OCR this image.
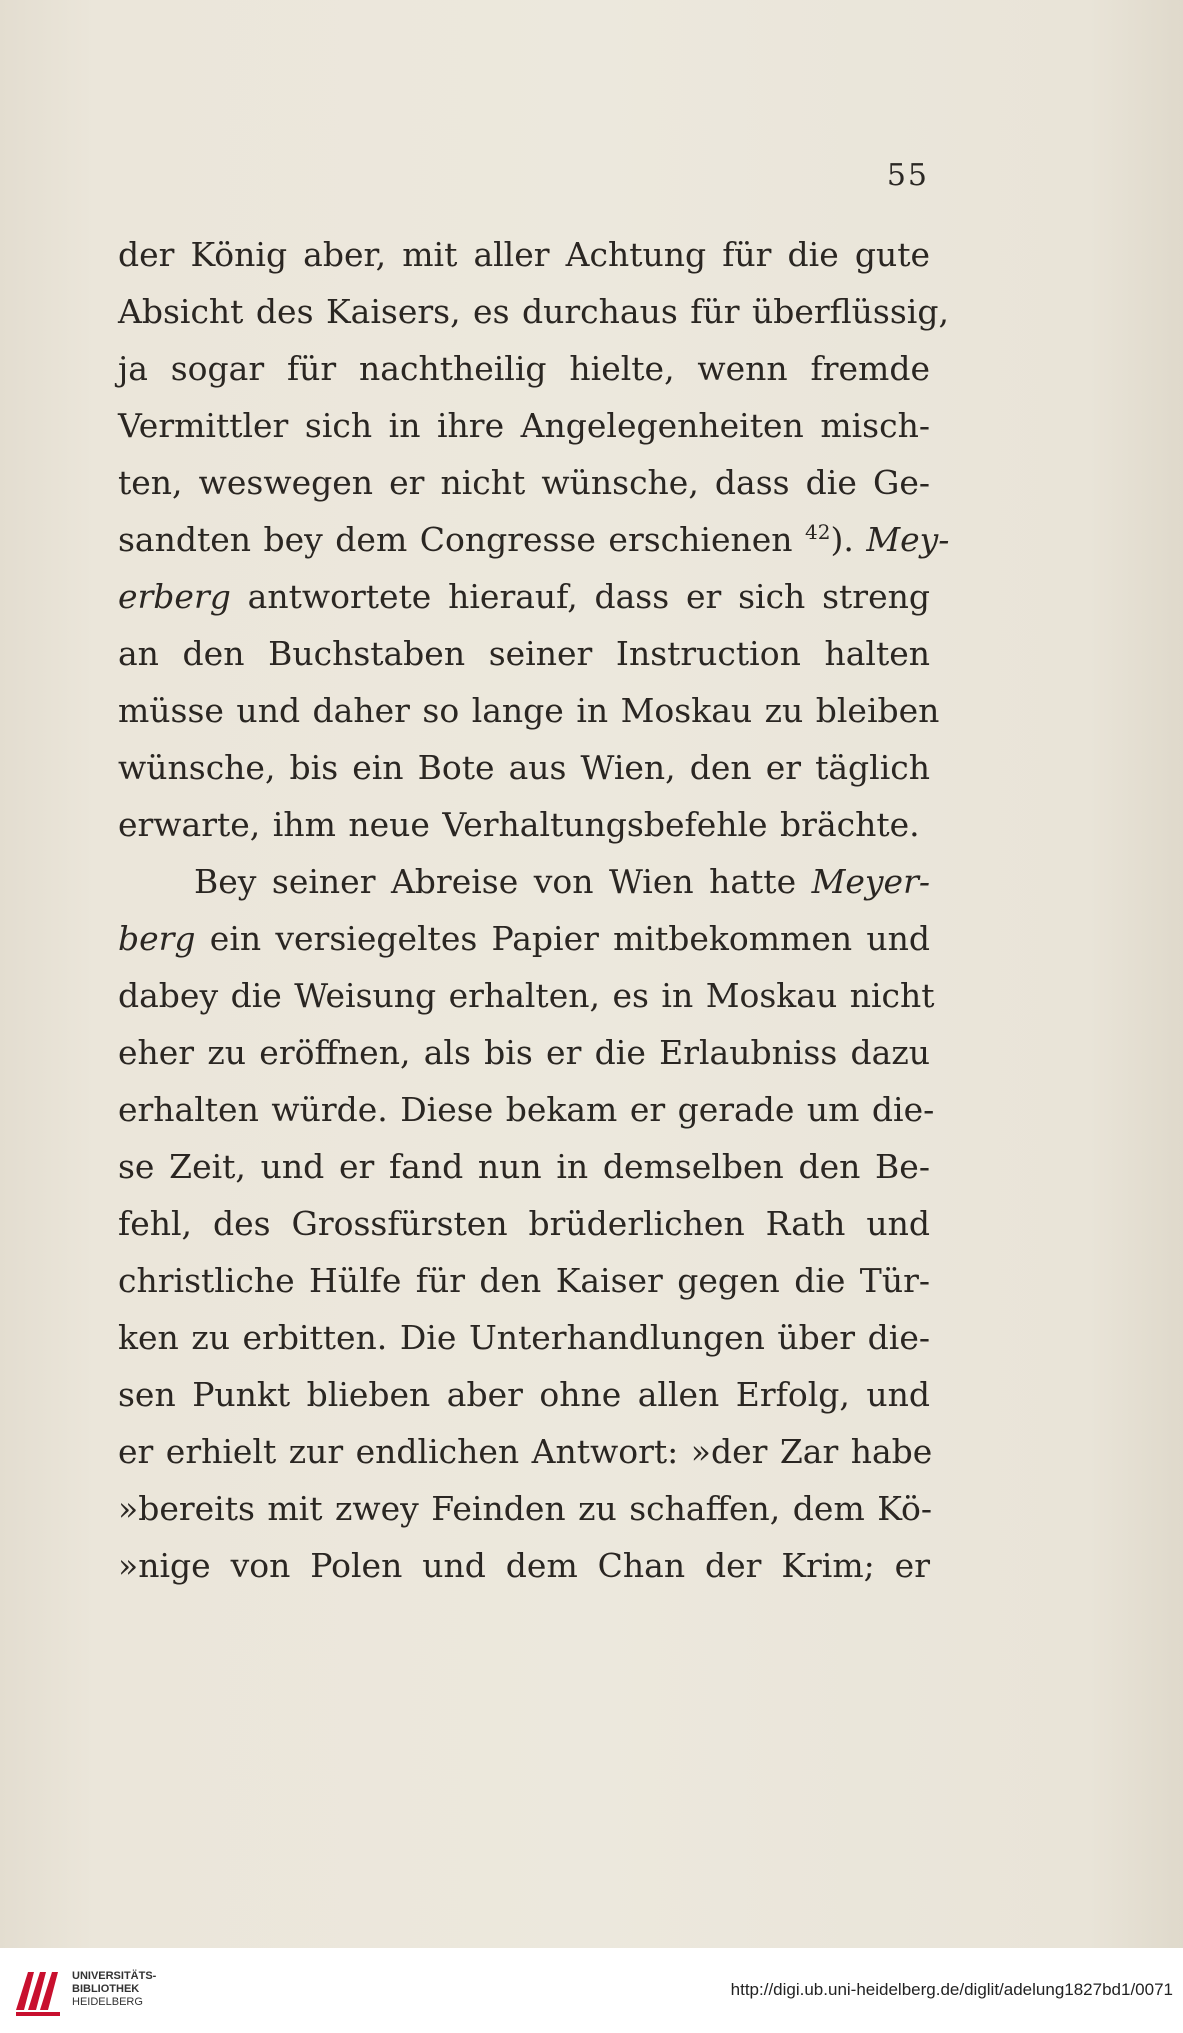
55
der König aber, mit aller Achtung für die gute
Absicht des Kaisers, es durchaus für überflüssig,
ja sogar für nachtheilig hielte, wenn fremde
Vermittler sich in ihre Angelegenheiten misch-
ten, weswegen er nicht wünsche, dass die Ge-
sandten bey dem Congresse erschienen $^{42}$). Mey-
erberg antwortete hierauf, dass er sich streng
an den Buchstaben seiner Instruction halten
müsse und daher so lange in Moskau zu bleiben
wünsche, bis ein Bote aus Wien, den er täglich
erwarte, ihm neue Verhaltungsbefehle brächte.
Bey seiner Abreise von Wien hatte Meyer-
berg ein versiegeltes Papier mitbekommen und
dabey die Weisung erhalten, es in Moskau nicht
eher zu eröffnen, als bis er die Erlaubniss dazu
erhalten würde. Diese bekam er gerade um die-
se Zeit, und er fand nun in demselben den Be-
fehl, des Grossfürsten brüderlichen Rath und
christliche Hülfe für den Kaiser gegen die Tür-
ken zu erbitten. Die Unterhandlungen über die-
sen Punkt blieben aber ohne allen Erfolg, und
er erhielt zur endlichen Antwort: »der Zar habe
»bereits mit zwey Feinden zu schaffen, dem Kö-
»nige von Polen und dem Chan der Krim; er
UNIVERSITÄTS-
BIBLIOTHEK
HEIDELBERG
http://digi.ub.uni-heidelberg.de/diglit/adelung1827bd1/0071
